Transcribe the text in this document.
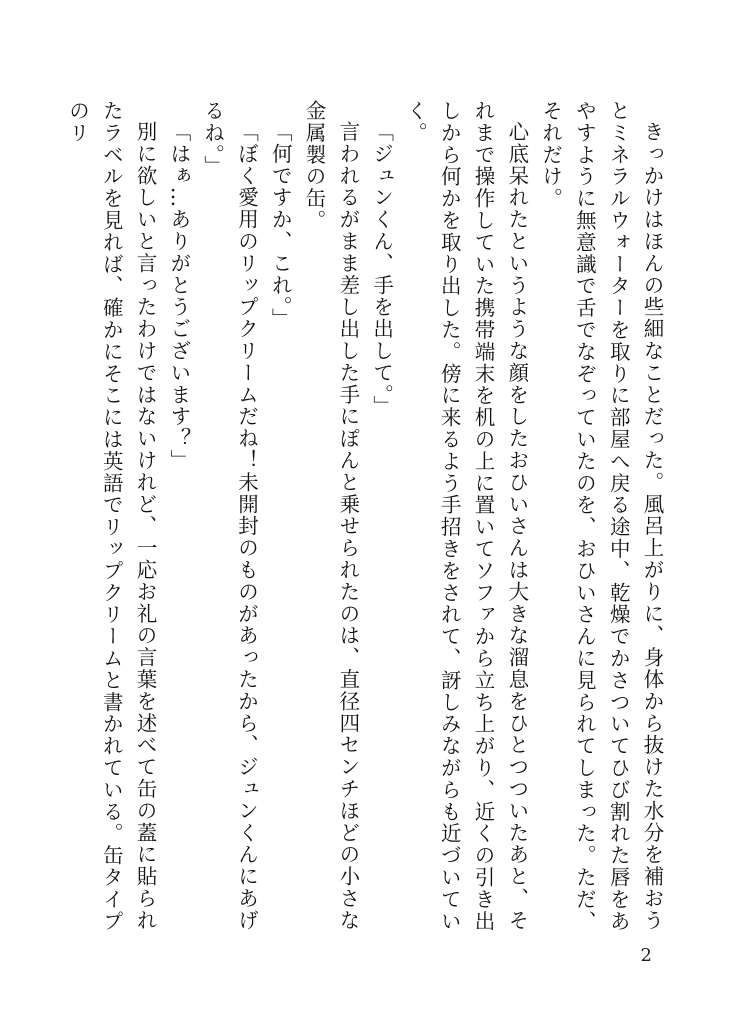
きっかけはほんの些細なことだった。風呂上がりに、身体から抜けた水分を補おうとミネラルウォーターを取りに部屋へ戻る途中、乾燥でかさついてひび割れた唇をあやすように無意識で舌でなぞっていたのを、おひいさんに見られてしまった。ただ、それだけ。

心底呆れたというような顔をしたおひいさんは大きな溜息をひとつついたあと、それまで操作していた携帯端末を机の上に置いてソファから立ち上がり、近くの引き出しから何かを取り出した。傍に来るよう手招きをされて、訝しみながらも近づいていく。

「ジュンくん、手を出して。」

言われるがまま差し出した手にぽんと乗せられたのは、直径四センチほどの小さな金属製の缶。

「何ですか、これ。」

「ぼく愛用のリップクリームだね！未開封のものがあったから、ジュンくんにあげるね。」

「はぁ…ありがとうございます？」

別に欲しいと言ったわけではないけれど、一応お礼の言葉を述べて缶の蓋に貼られたラベルを見れば、確かにそこには英語でリップクリームと書かれている。缶タイプのリ

2
